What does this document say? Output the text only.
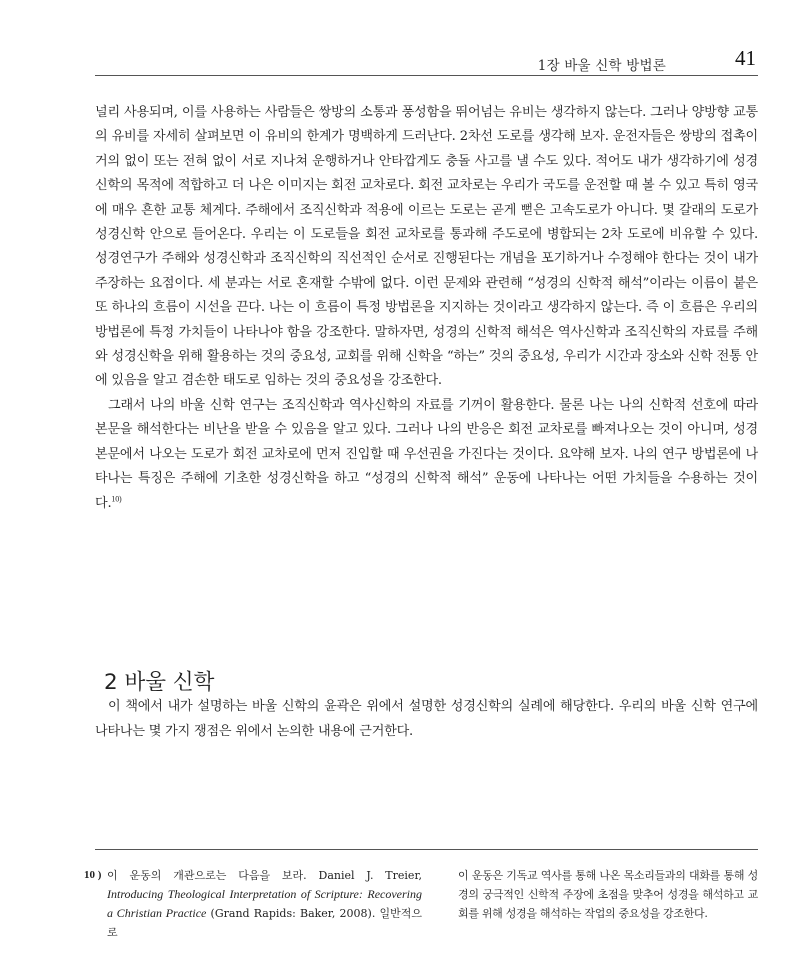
1장 바울 신학 방법론	41

널리 사용되며, 이를 사용하는 사람들은 쌍방의 소통과 풍성함을 뛰어넘는 유비는 생각하지 않는다. 그러나 양방향 교통의 유비를 자세히 살펴보면 이 유비의 한계가 명백하게 드러난다. 2차선 도로를 생각해 보자. 운전자들은 쌍방의 접촉이 거의 없이 또는 전혀 없이 서로 지나쳐 운행하거나 안타깝게도 충돌 사고를 낼 수도 있다. 적어도 내가 생각하기에 성경신학의 목적에 적합하고 더 나은 이미지는 회전 교차로다. 회전 교차로는 우리가 국도를 운전할 때 볼 수 있고 특히 영국에 매우 흔한 교통 체계다. 주해에서 조직신학과 적용에 이르는 도로는 곧게 뻗은 고속도로가 아니다. 몇 갈래의 도로가 성경신학 안으로 들어온다. 우리는 이 도로들을 회전 교차로를 통과해 주도로에 병합되는 2차 도로에 비유할 수 있다. 성경연구가 주해와 성경신학과 조직신학의 직선적인 순서로 진행된다는 개념을 포기하거나 수정해야 한다는 것이 내가 주장하는 요점이다. 세 분과는 서로 혼재할 수밖에 없다. 이런 문제와 관련해 “성경의 신학적 해석”이라는 이름이 붙은 또 하나의 흐름이 시선을 끈다. 나는 이 흐름이 특정 방법론을 지지하는 것이라고 생각하지 않는다. 즉 이 흐름은 우리의 방법론에 특정 가치들이 나타나야 함을 강조한다. 말하자면, 성경의 신학적 해석은 역사신학과 조직신학의 자료를 주해와 성경신학을 위해 활용하는 것의 중요성, 교회를 위해 신학을 “하는” 것의 중요성, 우리가 시간과 장소와 신학 전통 안에 있음을 알고 겸손한 태도로 임하는 것의 중요성을 강조한다.

그래서 나의 바울 신학 연구는 조직신학과 역사신학의 자료를 기꺼이 활용한다. 물론 나는 나의 신학적 선호에 따라 본문을 해석한다는 비난을 받을 수 있음을 알고 있다. 그러나 나의 반응은 회전 교차로를 빠져나오는 것이 아니며, 성경 본문에서 나오는 도로가 회전 교차로에 먼저 진입할 때 우선권을 가진다는 것이다. 요약해 보자. 나의 연구 방법론에 나타나는 특징은 주해에 기초한 성경신학을 하고 “성경의 신학적 해석” 운동에 나타나는 어떤 가치들을 수용하는 것이다.$^{10)}$

2 바울 신학

이 책에서 내가 설명하는 바울 신학의 윤곽은 위에서 설명한 성경신학의 실례에 해당한다. 우리의 바울 신학 연구에 나타나는 몇 가지 쟁점은 위에서 논의한 내용에 근거한다.

10 ) 이 운동의 개관으로는 다음을 보라. Daniel J. Treier, Introducing Theological Interpretation of Scripture: Recovering a Christian Practice (Grand Rapids: Baker, 2008). 일반적으로
이 운동은 기독교 역사를 통해 나온 목소리들과의 대화를 통해 성경의 궁극적인 신학적 주장에 초점을 맞추어 성경을 해석하고 교회를 위해 성경을 해석하는 작업의 중요성을 강조한다.
